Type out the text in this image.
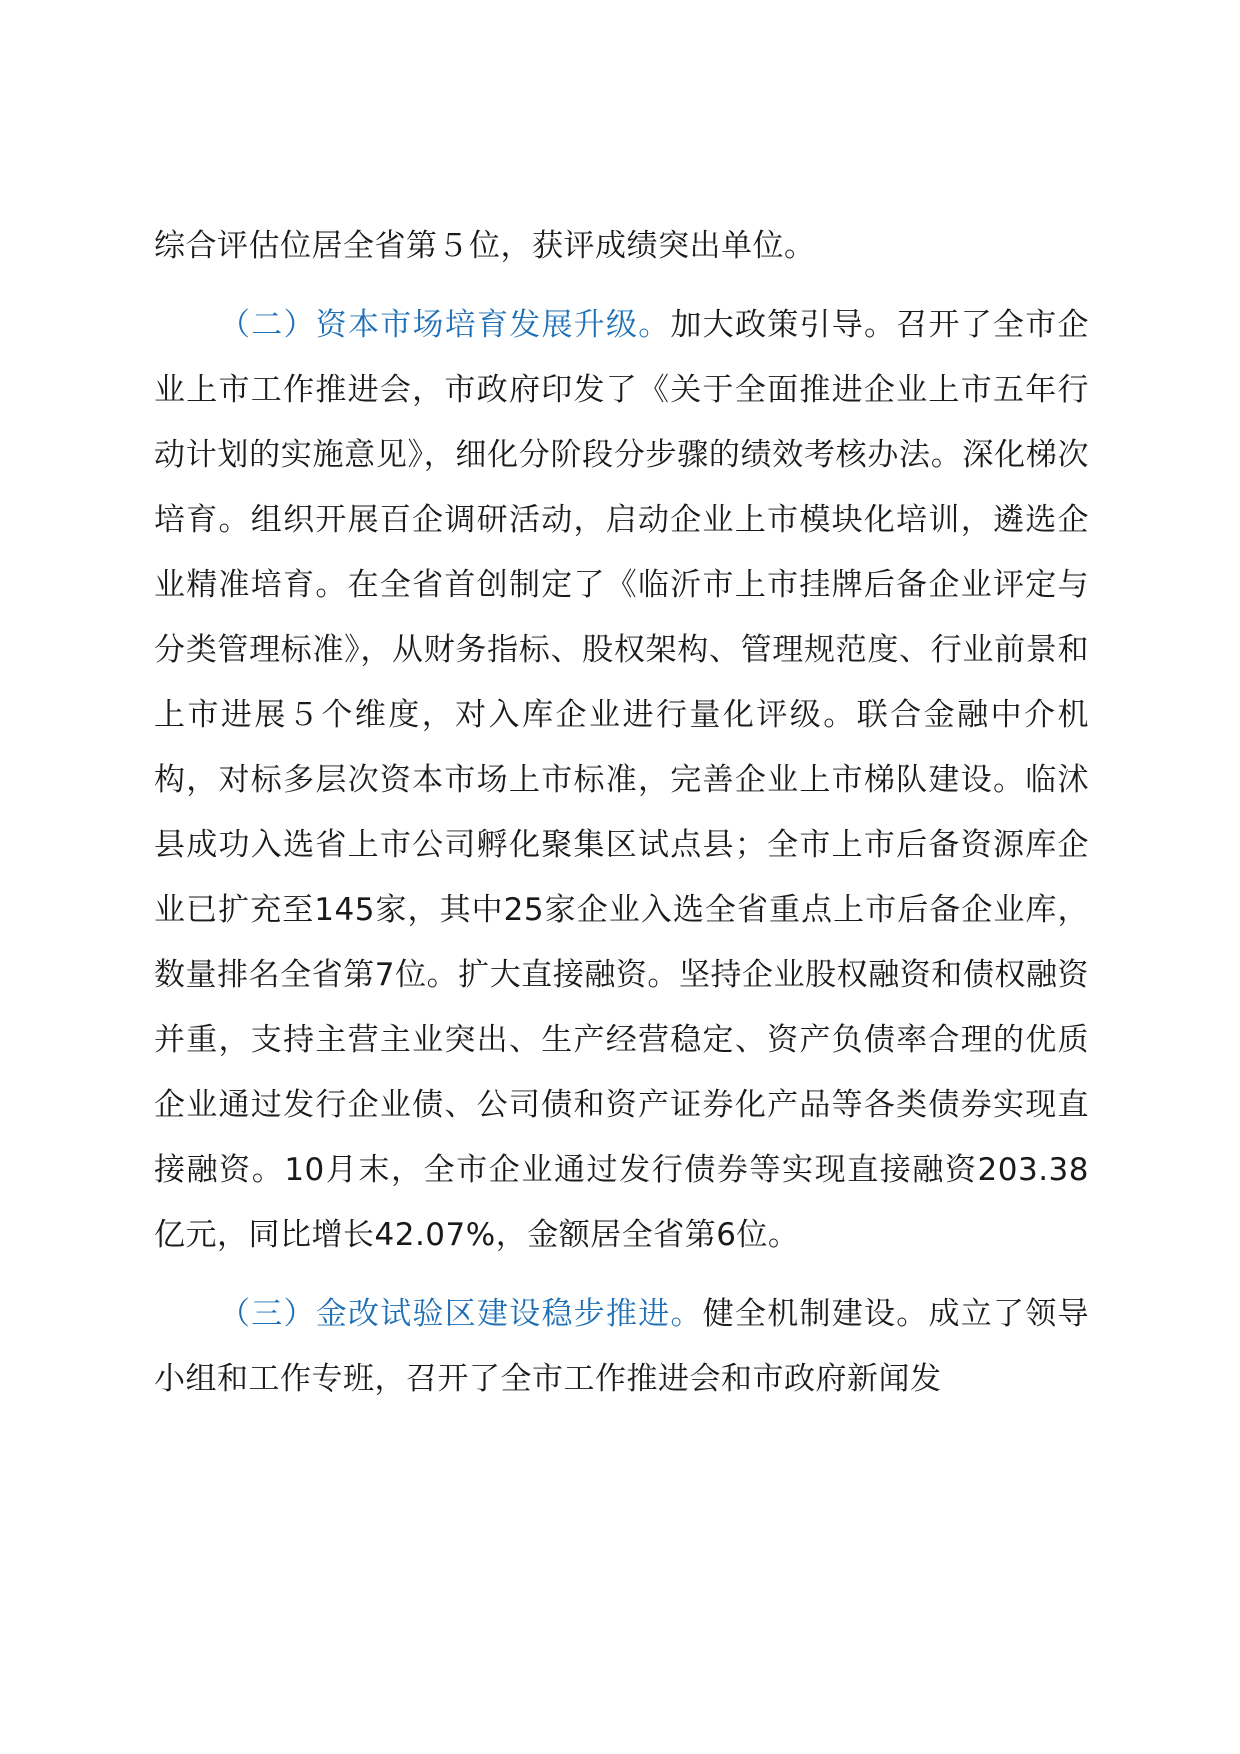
综合评估位居全省第５位，获评成绩突出单位。

（二）资本市场培育发展升级。加大政策引导。召开了全市企业上市工作推进会，市政府印发了《关于全面推进企业上市五年行动计划的实施意见》，细化分阶段分步骤的绩效考核办法。深化梯次培育。组织开展百企调研活动，启动企业上市模块化培训，遴选企业精准培育。在全省首创制定了《临沂市上市挂牌后备企业评定与分类管理标准》，从财务指标、股权架构、管理规范度、行业前景和上市进展５个维度，对入库企业进行量化评级。联合金融中介机构，对标多层次资本市场上市标准，完善企业上市梯队建设。临沭县成功入选省上市公司孵化聚集区试点县；全市上市后备资源库企业已扩充至145家，其中25家企业入选全省重点上市后备企业库，数量排名全省第7位。扩大直接融资。坚持企业股权融资和债权融资并重，支持主营主业突出、生产经营稳定、资产负债率合理的优质企业通过发行企业债、公司债和资产证券化产品等各类债券实现直接融资。10月末，全市企业通过发行债券等实现直接融资203.38亿元，同比增长42.07%，金额居全省第6位。

（三）金改试验区建设稳步推进。健全机制建设。成立了领导小组和工作专班，召开了全市工作推进会和市政府新闻发
